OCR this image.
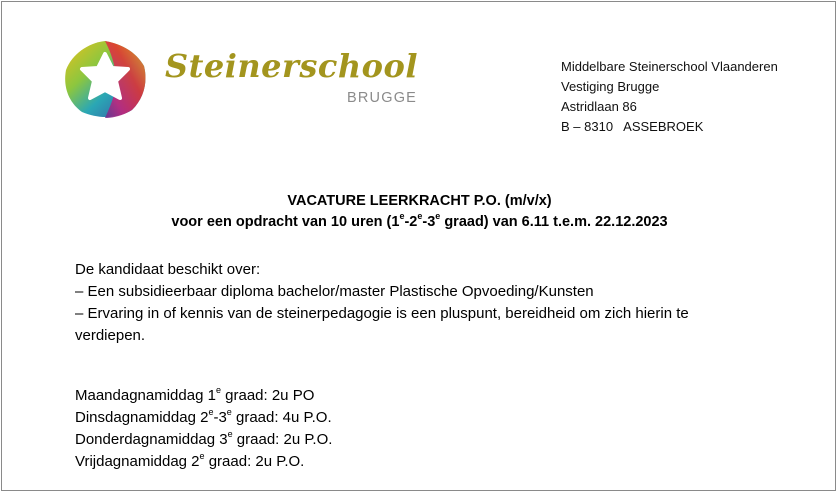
Steinerschool
BRUGGE
Middelbare Steinerschool Vlaanderen
Vestiging Brugge
Astridlaan 86
B – 8310   ASSEBROEK
VACATURE LEERKRACHT P.O. (m/v/x)
voor een opdracht van 10 uren (1e-2e-3e graad) van 6.11 t.e.m. 22.12.2023
De kandidaat beschikt over:
– Een subsidieerbaar diploma bachelor/master Plastische Opvoeding/Kunsten
– Ervaring in of kennis van de steinerpedagogie is een pluspunt, bereidheid om zich hierin te
verdiepen.
Maandagnamiddag 1e graad: 2u PO
Dinsdagnamiddag 2e-3e graad: 4u P.O.
Donderdagnamiddag 3e graad: 2u P.O.
Vrijdagnamiddag 2e graad: 2u P.O.
